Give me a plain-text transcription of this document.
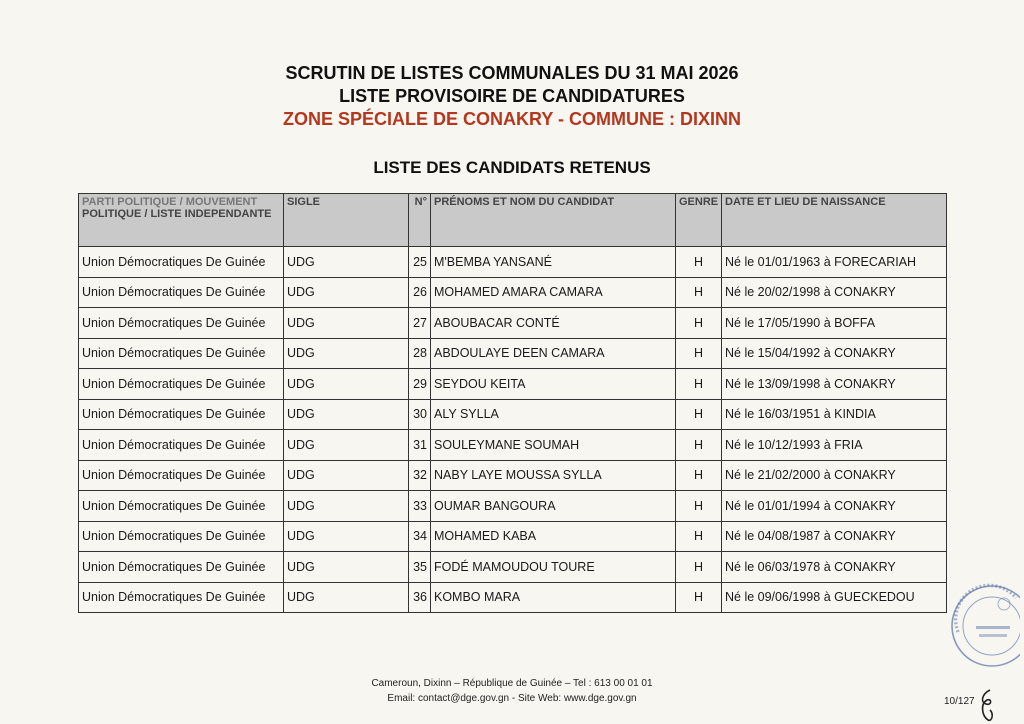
SCRUTIN DE LISTES COMMUNALES DU 31 MAI 2026
LISTE PROVISOIRE DE CANDIDATURES
ZONE SPÉCIALE DE CONAKRY - COMMUNE : DIXINN
LISTE DES CANDIDATS RETENUS
PARTI POLITIQUE / MOUVEMENT
POLITIQUE / LISTE INDEPENDANTE	SIGLE	N°	PRÉNOMS ET NOM DU CANDIDAT	GENRE	DATE ET LIEU DE NAISSANCE
Union Démocratiques De Guinée	UDG	25	M'BEMBA YANSANÉ	H	Né le 01/01/1963 à FORECARIAH
Union Démocratiques De Guinée	UDG	26	MOHAMED AMARA CAMARA	H	Né le 20/02/1998 à CONAKRY
Union Démocratiques De Guinée	UDG	27	ABOUBACAR CONTÉ	H	Né le 17/05/1990 à BOFFA
Union Démocratiques De Guinée	UDG	28	ABDOULAYE DEEN CAMARA	H	Né le 15/04/1992 à CONAKRY
Union Démocratiques De Guinée	UDG	29	SEYDOU KEITA	H	Né le 13/09/1998 à CONAKRY
Union Démocratiques De Guinée	UDG	30	ALY SYLLA	H	Né le 16/03/1951 à KINDIA
Union Démocratiques De Guinée	UDG	31	SOULEYMANE SOUMAH	H	Né le 10/12/1993 à FRIA
Union Démocratiques De Guinée	UDG	32	NABY LAYE MOUSSA SYLLA	H	Né le 21/02/2000 à CONAKRY
Union Démocratiques De Guinée	UDG	33	OUMAR BANGOURA	H	Né le 01/01/1994 à CONAKRY
Union Démocratiques De Guinée	UDG	34	MOHAMED KABA	H	Né le 04/08/1987 à CONAKRY
Union Démocratiques De Guinée	UDG	35	FODÉ MAMOUDOU TOURE	H	Né le 06/03/1978 à CONAKRY
Union Démocratiques De Guinée	UDG	36	KOMBO MARA	H	Né le 09/06/1998 à GUECKEDOU
Cameroun, Dixinn – République de Guinée – Tel : 613 00 01 01
Email: contact@dge.gov.gn - Site Web: www.dge.gov.gn	10/127
